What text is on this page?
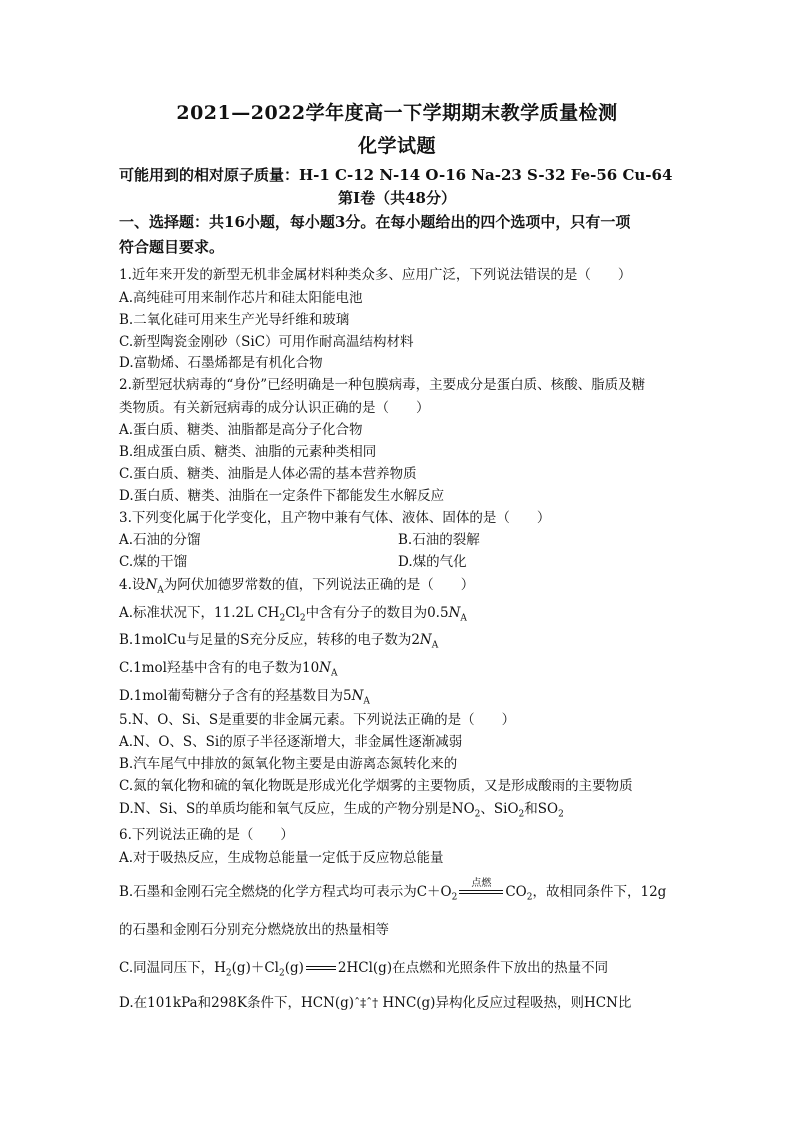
2021—2022学年度高一下学期期末教学质量检测
化学试题
可能用到的相对原子质量：H-1 C-12 N-14 O-16 Na-23 S-32 Fe-56 Cu-64
第Ⅰ卷（共48分）
一、选择题：共16小题，每小题3分。在每小题给出的四个选项中，只有一项
符合题目要求。
1.近年来开发的新型无机非金属材料种类众多、应用广泛，下列说法错误的是（　　）
A.高纯硅可用来制作芯片和硅太阳能电池
B.二氧化硅可用来生产光导纤维和玻璃
C.新型陶瓷金刚砂（SiC）可用作耐高温结构材料
D.富勒烯、石墨烯都是有机化合物
2.新型冠状病毒的“身份”已经明确是一种包膜病毒，主要成分是蛋白质、核酸、脂质及糖
类物质。有关新冠病毒的成分认识正确的是（　　）
A.蛋白质、糖类、油脂都是高分子化合物
B.组成蛋白质、糖类、油脂的元素种类相同
C.蛋白质、糖类、油脂是人体必需的基本营养物质
D.蛋白质、糖类、油脂在一定条件下都能发生水解反应
3.下列变化属于化学变化，且产物中兼有气体、液体、固体的是（　　）
A.石油的分馏	B.石油的裂解
C.煤的干馏	D.煤的气化
4.设$N_A$为阿伏加德罗常数的值，下列说法正确的是（　　）
A.标准状况下，11.2L $CH_2Cl_2$中含有分子的数目为$0.5N_A$
B.1molCu与足量的S充分反应，转移的电子数为$2N_A$
C.1mol羟基中含有的电子数为$10N_A$
D.1mol葡萄糖分子含有的羟基数目为$5N_A$
5.N、O、Si、S是重要的非金属元素。下列说法正确的是（　　）
A.N、O、S、Si的原子半径逐渐增大，非金属性逐渐减弱
B.汽车尾气中排放的氮氧化物主要是由游离态氮转化来的
C.氮的氧化物和硫的氧化物既是形成光化学烟雾的主要物质，又是形成酸雨的主要物质
D.N、Si、S的单质均能和氧气反应，生成的产物分别是$NO_2$、SiO$_2$和$SO_2$
6.下列说法正确的是（　　）
A.对于吸热反应，生成物总能量一定低于反应物总能量
B.石墨和金刚石完全燃烧的化学方程式均可表示为$C+O_2$
点燃
$CO_2$，故相同条件下，12g
的石墨和金刚石分别充分燃烧放出的热量相等
C.同温同压下，$H_2(g)+Cl_2(g)$	2HCl(g)在点燃和光照条件下放出的热量不同
D.在101kPa和298K条件下，HCN(g)ˆ‡ˆ† HNC(g)异构化反应过程吸热，则HCN比
